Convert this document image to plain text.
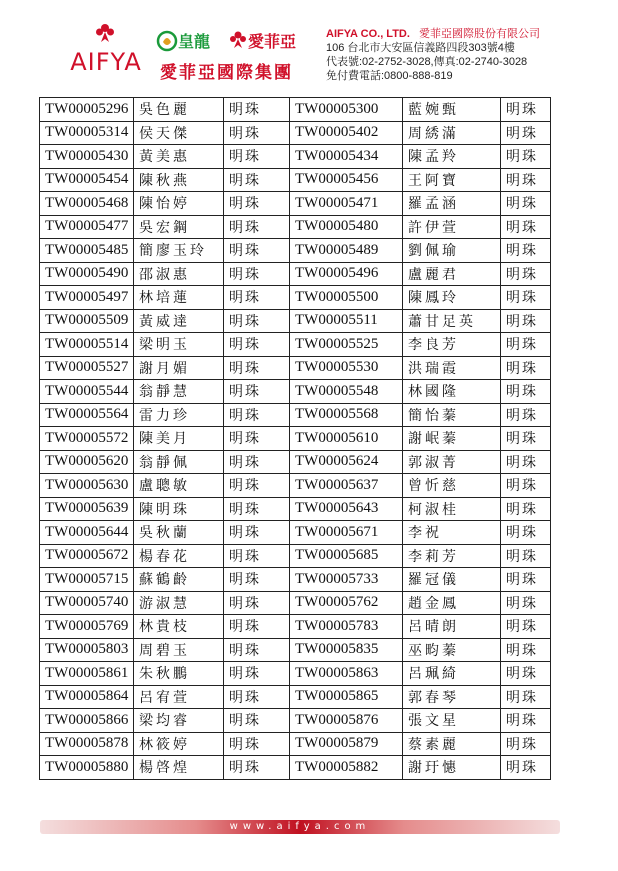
AIFYA
皇龍 愛菲亞
愛菲亞國際集團
AIFYA CO., LTD. 愛菲亞國際股份有限公司
106 台北市大安區信義路四段303號4樓
代表號:02-2752-3028,傳真:02-2740-3028
免付費電話:0800-888-819
TW00005296	吳色麗	明珠	TW00005300	藍婉甄	明珠
TW00005314	侯天傑	明珠	TW00005402	周綉滿	明珠
TW00005430	黃美惠	明珠	TW00005434	陳孟羚	明珠
TW00005454	陳秋燕	明珠	TW00005456	王阿寶	明珠
TW00005468	陳怡婷	明珠	TW00005471	羅孟涵	明珠
TW00005477	吳宏鋼	明珠	TW00005480	許伊萱	明珠
TW00005485	簡廖玉玲	明珠	TW00005489	劉佩瑜	明珠
TW00005490	邵淑惠	明珠	TW00005496	盧麗君	明珠
TW00005497	林培蓮	明珠	TW00005500	陳鳳玲	明珠
TW00005509	黃威達	明珠	TW00005511	蕭甘足英	明珠
TW00005514	梁明玉	明珠	TW00005525	李良芳	明珠
TW00005527	謝月媚	明珠	TW00005530	洪瑞霞	明珠
TW00005544	翁靜慧	明珠	TW00005548	林國隆	明珠
TW00005564	雷力珍	明珠	TW00005568	簡怡蓁	明珠
TW00005572	陳美月	明珠	TW00005610	謝岷蓁	明珠
TW00005620	翁靜佩	明珠	TW00005624	郭淑菁	明珠
TW00005630	盧聰敏	明珠	TW00005637	曾忻慈	明珠
TW00005639	陳明珠	明珠	TW00005643	柯淑桂	明珠
TW00005644	吳秋蘭	明珠	TW00005671	李祝	明珠
TW00005672	楊春花	明珠	TW00005685	李莉芳	明珠
TW00005715	蘇鶴齡	明珠	TW00005733	羅冠儀	明珠
TW00005740	游淑慧	明珠	TW00005762	趙金鳳	明珠
TW00005769	林貴枝	明珠	TW00005783	呂晴朗	明珠
TW00005803	周碧玉	明珠	TW00005835	巫畇蓁	明珠
TW00005861	朱秋鵬	明珠	TW00005863	呂珮綺	明珠
TW00005864	呂宥萱	明珠	TW00005865	郭春琴	明珠
TW00005866	梁均睿	明珠	TW00005876	張文星	明珠
TW00005878	林筱婷	明珠	TW00005879	蔡素麗	明珠
TW00005880	楊啓煌	明珠	TW00005882	謝玗憓	明珠
www.aifya.com
